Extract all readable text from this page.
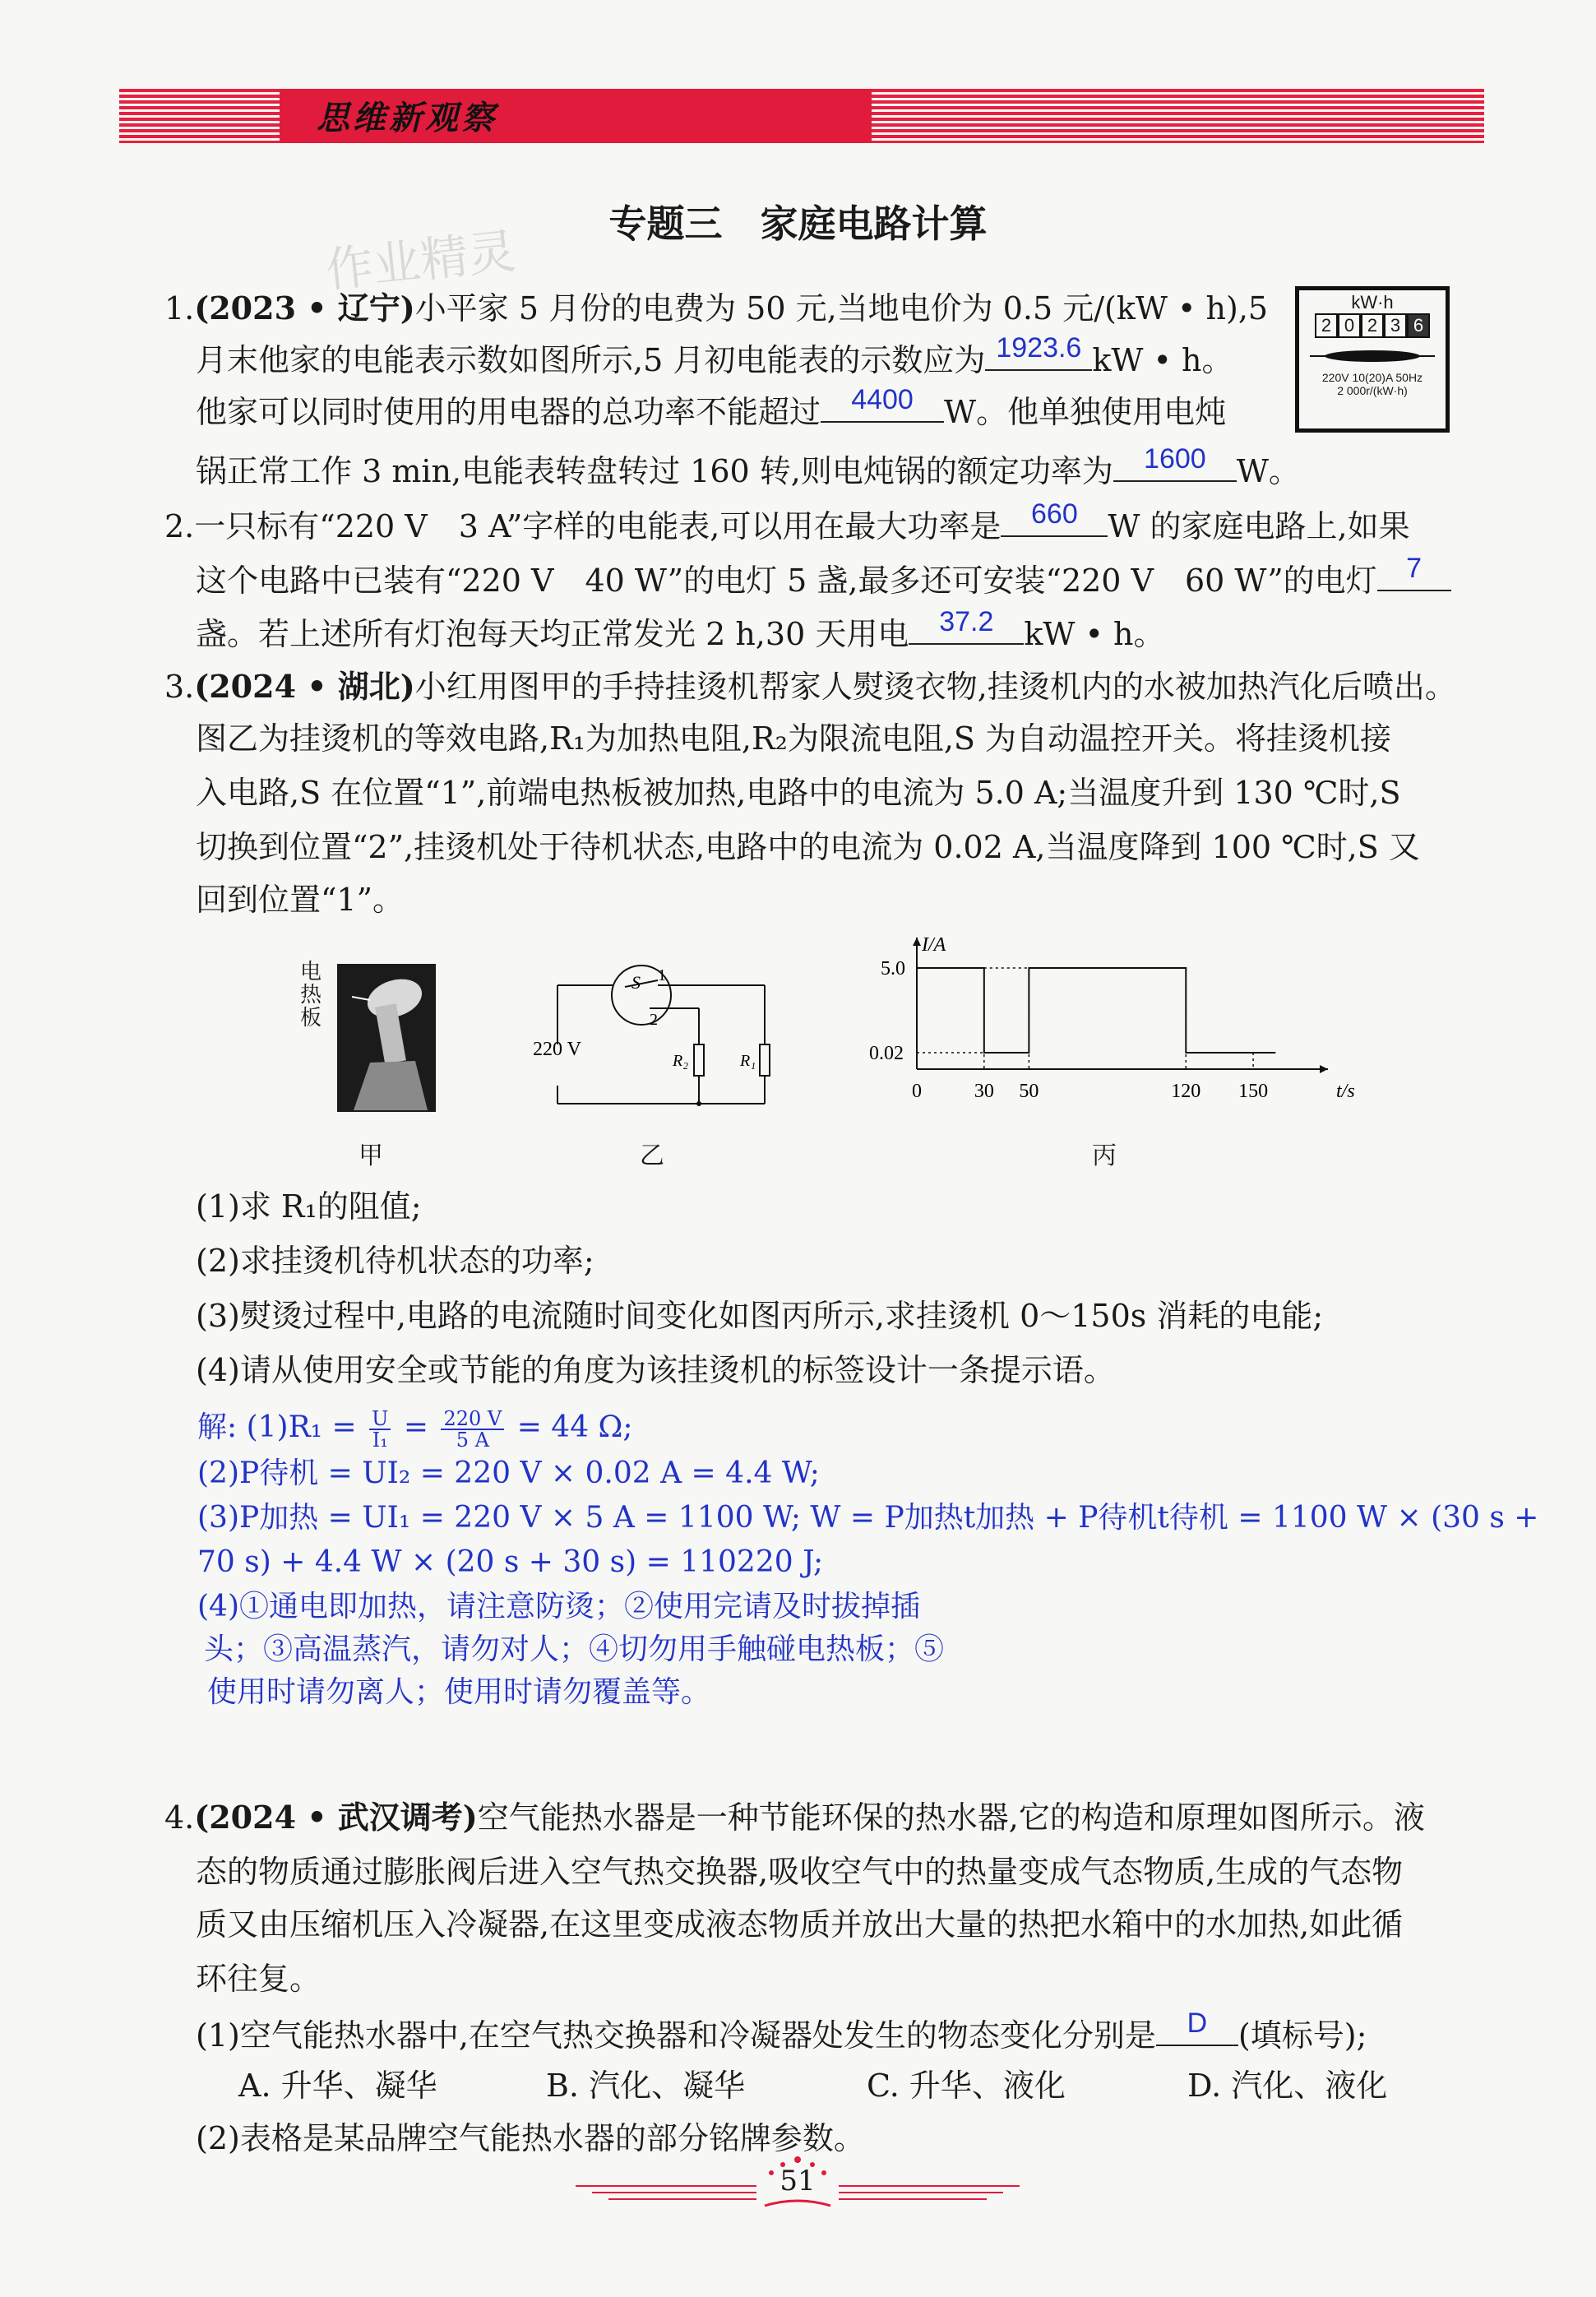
思维新观察
作业精灵	专题三　家庭电路计算
1.(2023 • 辽宁)小平家 5 月份的电费为 50 元,当地电价为 0.5 元/(kW • h),5
月末他家的电能表示数如图所示,5 月初电能表的示数应为 1923.6 kW • h。
他家可以同时使用的用电器的总功率不能超过	4400 W。他单独使用电炖
锅正常工作 3 min,电能表转盘转过 160 转,则电炖锅的额定功率为	1600 W。
kW·h
2 0 2 3 6
220V 10(20)A 50Hz
2 000r/(kW·h)
2.一只标有“220 V　3 A”字样的电能表,可以用在最大功率是	660 W 的家庭电路上,如果
这个电路中已装有“220 V　40 W”的电灯 5 盏,最多还可安装“220 V　60 W”的电灯	7
盏。若上述所有灯泡每天均正常发光 2 h,30 天用电	37.2 kW • h。
3.(2024 • 湖北)小红用图甲的手持挂烫机帮家人熨烫衣物,挂烫机内的水被加热汽化后喷出。
图乙为挂烫机的等效电路,R₁为加热电阻,R₂为限流电阻,S 为自动温控开关。将挂烫机接
入电路,S 在位置“1”,前端电热板被加热,电路中的电流为 5.0 A;当温度升到 130 ℃时,S
切换到位置“2”,挂烫机处于待机状态,电路中的电流为 0.02 A,当温度降到 100 ℃时,S 又
回到位置“1”。
电热板
甲
220 V
S 1
2
R₂	R₁
乙
0	30 50	120 150
5.0
0.02
t/s
I/A
丙
(1)求 R₁的阻值;
(2)求挂烫机待机状态的功率;
(3)熨烫过程中,电路的电流随时间变化如图丙所示,求挂烫机 0～150s 消耗的电能;
(4)请从使用安全或节能的角度为该挂烫机的标签设计一条提示语。
解: $(1)R_1 = \frac{U}{\text{I₁}} = \frac{220 V}{5 A} = 44$ Ω;
(2)P待机 = UI₂ = 220 V × 0.02 A = 4.4 W;
(3)P加热 = UI₁ = 220 V × 5 A = 1100 W; W = P加热t加热 + P待机t待机 = 1100 W × (30 s +
70 s) + 4.4 W × (20 s + 30 s) = 110220 J;
(4)①通电即加热，请注意防烫；②使用完请及时拔掉插
头；③高温蒸汽，请勿对人；④切勿用手触碰电热板；⑤
使用时请勿离人；使用时请勿覆盖等。
4.(2024 • 武汉调考)空气能热水器是一种节能环保的热水器,它的构造和原理如图所示。液
态的物质通过膨胀阀后进入空气热交换器,吸收空气中的热量变成气态物质,生成的气态物
质又由压缩机压入冷凝器,在这里变成液态物质并放出大量的热把水箱中的水加热,如此循
环往复。
(1)空气能热水器中,在空气热交换器和冷凝器处发生的物态变化分别是	D (填标号);
A. 升华、凝华	B. 汽化、凝华	C. 升华、液化	D. 汽化、液化
(2)表格是某品牌空气能热水器的部分铭牌参数。
51
